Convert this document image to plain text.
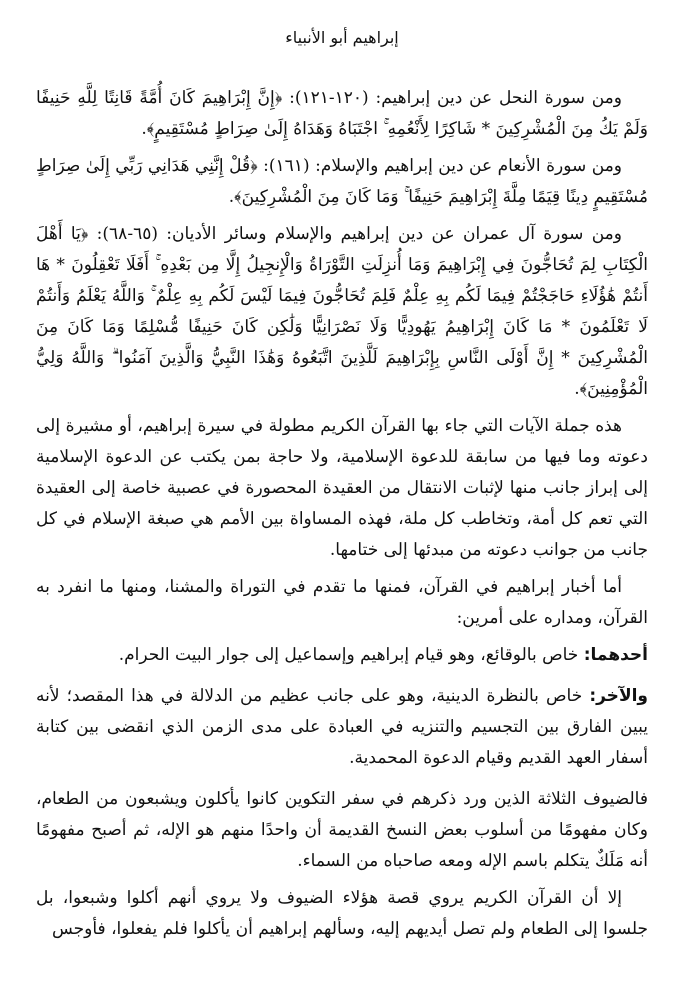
إبراهيم أبو الأنبياء

ومن سورة النحل عن دين إبراهيم: (١٢٠-١٢١): ﴿إِنَّ إِبْرَاهِيمَ كَانَ أُمَّةً قَانِتًا لِلَّهِ حَنِيفًا وَلَمْ يَكُ مِنَ الْمُشْرِكِينَ * شَاكِرًا لِأَنْعُمِهِ ۚ اجْتَبَاهُ وَهَدَاهُ إِلَىٰ صِرَاطٍ مُسْتَقِيمٍ﴾.

ومن سورة الأنعام عن دين إبراهيم والإسلام: (١٦١): ﴿قُلْ إِنَّنِي هَدَانِي رَبِّي إِلَىٰ صِرَاطٍ مُسْتَقِيمٍ دِينًا قِيَمًا مِلَّةَ إِبْرَاهِيمَ حَنِيفًا ۚ وَمَا كَانَ مِنَ الْمُشْرِكِينَ﴾.

ومن سورة آل عمران عن دين إبراهيم والإسلام وسائر الأديان: (٦٥-٦٨): ﴿يَا أَهْلَ الْكِتَابِ لِمَ تُحَاجُّونَ فِي إِبْرَاهِيمَ وَمَا أُنزِلَتِ التَّوْرَاةُ وَالْإِنجِيلُ إِلَّا مِن بَعْدِهِ ۚ أَفَلَا تَعْقِلُونَ * هَا أَنتُمْ هَٰؤُلَاءِ حَاجَجْتُمْ فِيمَا لَكُم بِهِ عِلْمٌ فَلِمَ تُحَاجُّونَ فِيمَا لَيْسَ لَكُم بِهِ عِلْمٌ ۚ وَاللَّهُ يَعْلَمُ وَأَنتُمْ لَا تَعْلَمُونَ * مَا كَانَ إِبْرَاهِيمُ يَهُودِيًّا وَلَا نَصْرَانِيًّا وَلَٰكِن كَانَ حَنِيفًا مُّسْلِمًا وَمَا كَانَ مِنَ الْمُشْرِكِينَ * إِنَّ أَوْلَى النَّاسِ بِإِبْرَاهِيمَ لَلَّذِينَ اتَّبَعُوهُ وَهَٰذَا النَّبِيُّ وَالَّذِينَ آمَنُوا ۗ وَاللَّهُ وَلِيُّ الْمُؤْمِنِينَ﴾.

هذه جملة الآيات التي جاء بها القرآن الكريم مطولة في سيرة إبراهيم، أو مشيرة إلى دعوته وما فيها من سابقة للدعوة الإسلامية، ولا حاجة بمن يكتب عن الدعوة الإسلامية إلى إبراز جانب منها لإثبات الانتقال من العقيدة المحصورة في عصبية خاصة إلى العقيدة التي تعم كل أمة، وتخاطب كل ملة، فهذه المساواة بين الأمم هي صبغة الإسلام في كل جانب من جوانب دعوته من مبدئها إلى ختامها.

أما أخبار إبراهيم في القرآن، فمنها ما تقدم في التوراة والمشنا، ومنها ما انفرد به القرآن، ومداره على أمرين:

أحدهما: خاص بالوقائع، وهو قيام إبراهيم وإسماعيل إلى جوار البيت الحرام.
والآخر: خاص بالنظرة الدينية، وهو على جانب عظيم من الدلالة في هذا المقصد؛ لأنه يبين الفارق بين التجسيم والتنزيه في العبادة على مدى الزمن الذي انقضى بين كتابة أسفار العهد القديم وقيام الدعوة المحمدية.

فالضيوف الثلاثة الذين ورد ذكرهم في سفر التكوين كانوا يأكلون ويشبعون من الطعام، وكان مفهومًا من أسلوب بعض النسخ القديمة أن واحدًا منهم هو الإله، ثم أصبح مفهومًا أنه مَلَكٌ يتكلم باسم الإله ومعه صاحباه من السماء.

إلا أن القرآن الكريم يروي قصة هؤلاء الضيوف ولا يروي أنهم أكلوا وشبعوا، بل جلسوا إلى الطعام ولم تصل أيديهم إليه، وسألهم إبراهيم أن يأكلوا فلم يفعلوا، فأوجس
